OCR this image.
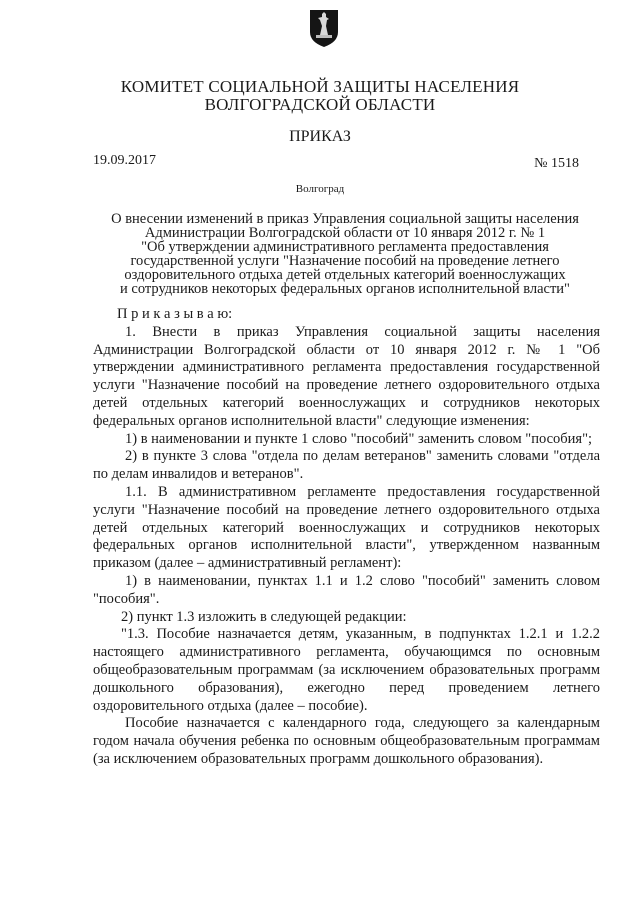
КОМИТЕТ СОЦИАЛЬНОЙ ЗАЩИТЫ НАСЕЛЕНИЯ
ВОЛГОГРАДСКОЙ ОБЛАСТИ
ПРИКАЗ
19.09.2017	№ 1518
Волгоград
О внесении изменений в приказ Управления социальной защиты населения
Администрации Волгоградской области от 10 января 2012 г. № 1
"Об утверждении административного регламента предоставления
государственной услуги "Назначение пособий на проведение летнего
оздоровительного отдыха детей отдельных категорий военнослужащих
и сотрудников некоторых федеральных органов исполнительной власти"

П р и к а з ы в а ю:

1. Внести в приказ Управления социальной защиты населения Администрации Волгоградской области от 10 января 2012 г. № 1 "Об утверждении административного регламента предоставления государственной услуги "Назначение пособий на проведение летнего оздоровительного отдыха детей отдельных категорий военнослужащих и сотрудников некоторых федеральных органов исполнительной власти" следующие изменения:

1) в наименовании и пункте 1 слово "пособий" заменить словом "пособия";

2) в пункте 3 слова "отдела по делам ветеранов" заменить словами "отдела по делам инвалидов и ветеранов".

1.1. В административном регламенте предоставления государственной услуги "Назначение пособий на проведение летнего оздоровительного отдыха детей отдельных категорий военнослужащих и сотрудников некоторых федеральных органов исполнительной власти", утвержденном названным приказом (далее – административный регламент):

1) в наименовании, пунктах 1.1 и 1.2 слово "пособий" заменить словом "пособия".

2) пункт 1.3 изложить в следующей редакции:

"1.3. Пособие назначается детям, указанным, в подпунктах 1.2.1 и 1.2.2 настоящего административного регламента, обучающимся по основным общеобразовательным программам (за исключением образовательных программ дошкольного образования), ежегодно перед проведением летнего оздоровительного отдыха (далее – пособие).

Пособие назначается с календарного года, следующего за календарным годом начала обучения ребенка по основным общеобразовательным программам (за исключением образовательных программ дошкольного образования).
